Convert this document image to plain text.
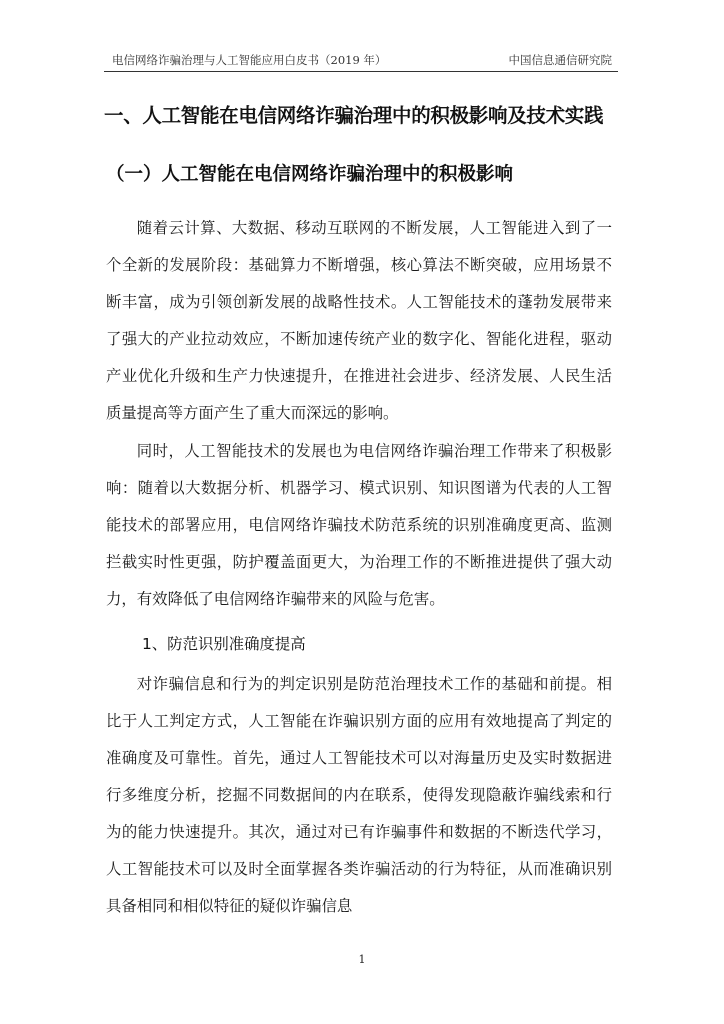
电信网络诈骗治理与人工智能应用白皮书（2019 年）	中国信息通信研究院
一、人工智能在电信网络诈骗治理中的积极影响及技术实践
（一）人工智能在电信网络诈骗治理中的积极影响

随着云计算、大数据、移动互联网的不断发展，人工智能进入到了一个全新的发展阶段：基础算力不断增强，核心算法不断突破，应用场景不断丰富，成为引领创新发展的战略性技术。人工智能技术的蓬勃发展带来了强大的产业拉动效应，不断加速传统产业的数字化、智能化进程，驱动产业优化升级和生产力快速提升，在推进社会进步、经济发展、人民生活质量提高等方面产生了重大而深远的影响。

同时，人工智能技术的发展也为电信网络诈骗治理工作带来了积极影响：随着以大数据分析、机器学习、模式识别、知识图谱为代表的人工智能技术的部署应用，电信网络诈骗技术防范系统的识别准确度更高、监测拦截实时性更强，防护覆盖面更大，为治理工作的不断推进提供了强大动力，有效降低了电信网络诈骗带来的风险与危害。

1、防范识别准确度提高

对诈骗信息和行为的判定识别是防范治理技术工作的基础和前提。相比于人工判定方式，人工智能在诈骗识别方面的应用有效地提高了判定的准确度及可靠性。首先，通过人工智能技术可以对海量历史及实时数据进行多维度分析，挖掘不同数据间的内在联系，使得发现隐蔽诈骗线索和行为的能力快速提升。其次，通过对已有诈骗事件和数据的不断迭代学习，人工智能技术可以及时全面掌握各类诈骗活动的行为特征，从而准确识别具备相同和相似特征的疑似诈骗信息

1
